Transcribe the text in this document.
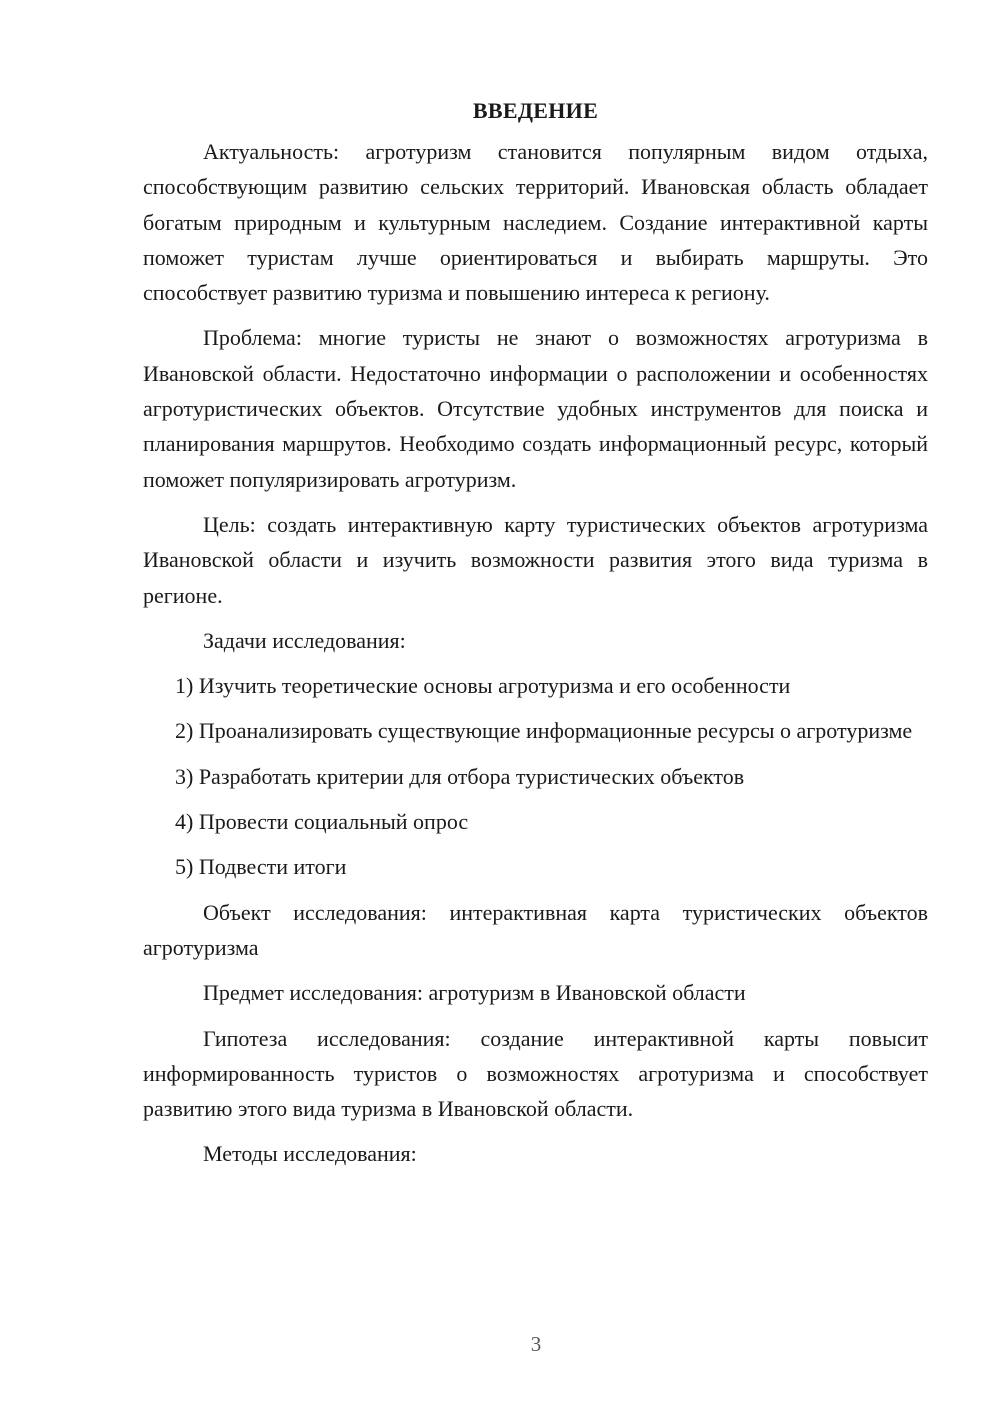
ВВЕДЕНИЕ

Актуальность: агротуризм становится популярным видом отдыха, способствующим развитию сельских территорий. Ивановская область обладает богатым природным и культурным наследием. Создание интерактивной карты поможет туристам лучше ориентироваться и выбирать маршруты. Это способствует развитию туризма и повышению интереса к региону.

Проблема: многие туристы не знают о возможностях агротуризма в Ивановской области. Недостаточно информации о расположении и особенностях агротуристических объектов. Отсутствие удобных инструментов для поиска и планирования маршрутов. Необходимо создать информационный ресурс, который поможет популяризировать агротуризм.

Цель: создать интерактивную карту туристических объектов агротуризма Ивановской области и изучить возможности развития этого вида туризма в регионе.

Задачи исследования:

1) Изучить теоретические основы агротуризма и его особенности

2) Проанализировать существующие информационные ресурсы о агротуризме

3) Разработать критерии для отбора туристических объектов

4) Провести социальный опрос

5) Подвести итоги

Объект исследования: интерактивная карта туристических объектов агротуризма

Предмет исследования: агротуризм в Ивановской области

Гипотеза исследования: создание интерактивной карты повысит информированность туристов о возможностях агротуризма и способствует развитию этого вида туризма в Ивановской области.

Методы исследования:

3
